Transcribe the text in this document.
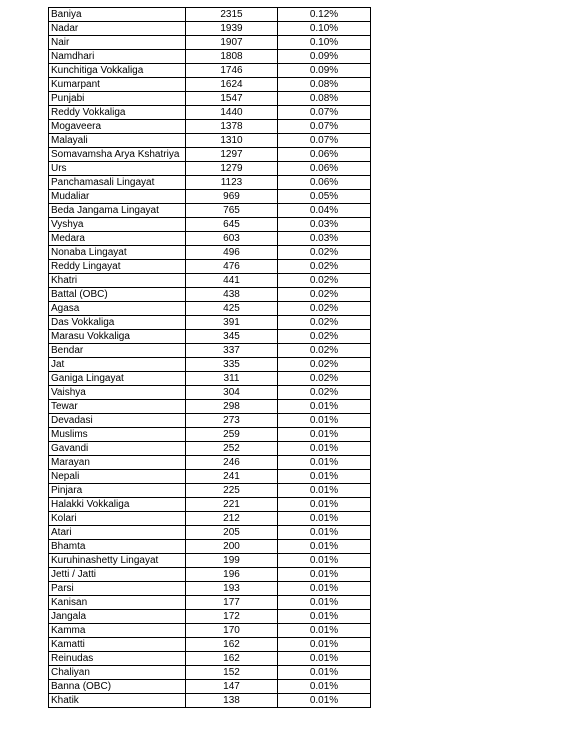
Baniya	2315	0.12%
Nadar	1939	0.10%
Nair	1907	0.10%
Namdhari	1808	0.09%
Kunchitiga Vokkaliga	1746	0.09%
Kumarpant	1624	0.08%
Punjabi	1547	0.08%
Reddy Vokkaliga	1440	0.07%
Mogaveera	1378	0.07%
Malayali	1310	0.07%
Somavamsha Arya Kshatriya	1297	0.06%
Urs	1279	0.06%
Panchamasali Lingayat	1123	0.06%
Mudaliar	969	0.05%
Beda Jangama Lingayat	765	0.04%
Vyshya	645	0.03%
Medara	603	0.03%
Nonaba Lingayat	496	0.02%
Reddy Lingayat	476	0.02%
Khatri	441	0.02%
Battal (OBC)	438	0.02%
Agasa	425	0.02%
Das Vokkaliga	391	0.02%
Marasu Vokkaliga	345	0.02%
Bendar	337	0.02%
Jat	335	0.02%
Ganiga Lingayat	311	0.02%
Vaishya	304	0.02%
Tewar	298	0.01%
Devadasi	273	0.01%
Muslims	259	0.01%
Gavandi	252	0.01%
Marayan	246	0.01%
Nepali	241	0.01%
Pinjara	225	0.01%
Halakki Vokkaliga	221	0.01%
Kolari	212	0.01%
Atari	205	0.01%
Bhamta	200	0.01%
Kuruhinashetty Lingayat	199	0.01%
Jetti / Jatti	196	0.01%
Parsi	193	0.01%
Kanisan	177	0.01%
Jangala	172	0.01%
Kamma	170	0.01%
Kamatti	162	0.01%
Reinudas	162	0.01%
Chaliyan	152	0.01%
Banna (OBC)	147	0.01%
Khatik	138	0.01%
